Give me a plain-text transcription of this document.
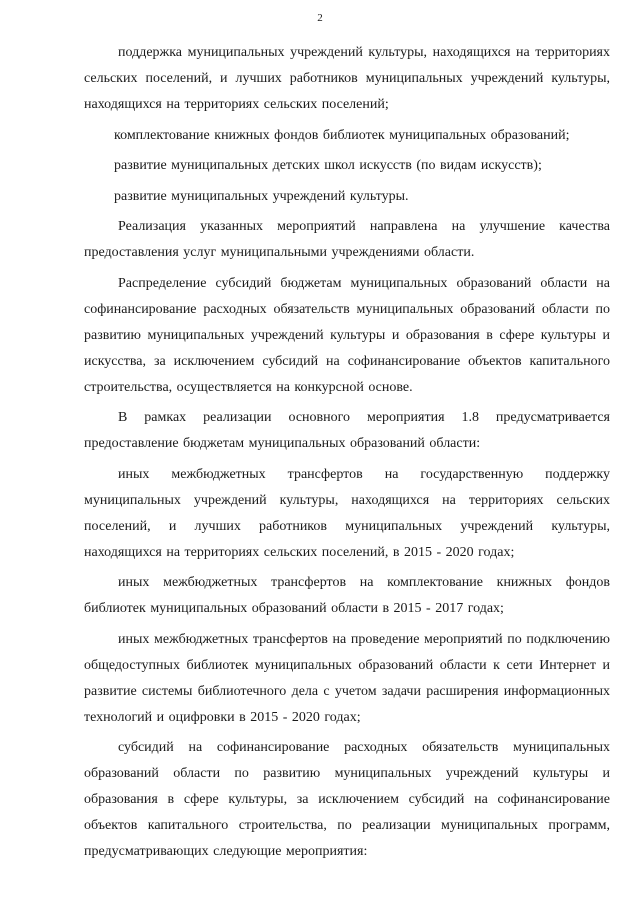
2

поддержка муниципальных учреждений культуры, находящихся на территориях сельских поселений, и лучших работников муниципальных учреждений культуры, находящихся на территориях сельских поселений;

комплектование книжных фондов библиотек муниципальных образований;

развитие муниципальных детских школ искусств (по видам искусств);

развитие муниципальных учреждений культуры.

Реализация указанных мероприятий направлена на улучшение качества предоставления услуг муниципальными учреждениями области.

Распределение субсидий бюджетам муниципальных образований области на софинансирование расходных обязательств муниципальных образований области по развитию муниципальных учреждений культуры и образования в сфере культуры и искусства, за исключением субсидий на софинансирование объектов капитального строительства, осуществляется на конкурсной основе.

В рамках реализации основного мероприятия 1.8 предусматривается предоставление бюджетам муниципальных образований области:

иных межбюджетных трансфертов на государственную поддержку муниципальных учреждений культуры, находящихся на территориях сельских поселений, и лучших работников муниципальных учреждений культуры, находящихся на территориях сельских поселений, в 2015 - 2020 годах;

иных межбюджетных трансфертов на комплектование книжных фондов библиотек муниципальных образований области в 2015 - 2017 годах;

иных межбюджетных трансфертов на проведение мероприятий по подключению общедоступных библиотек муниципальных образований области к сети Интернет и развитие системы библиотечного дела с учетом задачи расширения информационных технологий и оцифровки в 2015 - 2020 годах;

субсидий на софинансирование расходных обязательств муниципальных образований области по развитию муниципальных учреждений культуры и образования в сфере культуры, за исключением субсидий на софинансирование объектов капитального строительства, по реализации муниципальных программ, предусматривающих следующие мероприятия:
